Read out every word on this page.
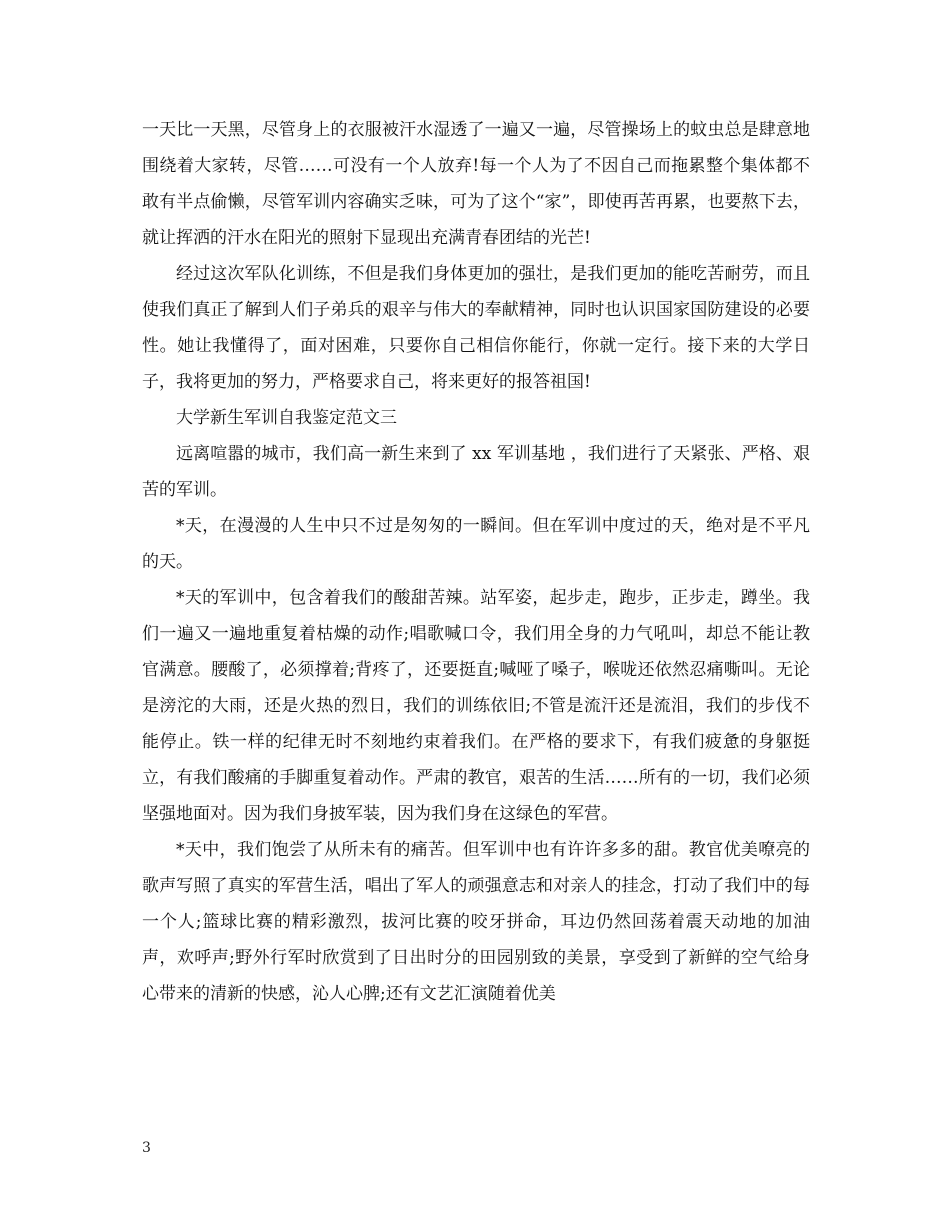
一天比一天黑，尽管身上的衣服被汗水湿透了一遍又一遍，尽管操场上的蚊虫总是肆意地围绕着大家转，尽管……可没有一个人放弃!每一个人为了不因自己而拖累整个集体都不敢有半点偷懒，尽管军训内容确实乏味，可为了这个“家”，即使再苦再累，也要熬下去，就让挥洒的汗水在阳光的照射下显现出充满青春团结的光芒!

经过这次军队化训练，不但是我们身体更加的强壮，是我们更加的能吃苦耐劳，而且使我们真正了解到人们子弟兵的艰辛与伟大的奉献精神，同时也认识国家国防建设的必要性。她让我懂得了，面对困难，只要你自己相信你能行，你就一定行。接下来的大学日子，我将更加的努力，严格要求自己，将来更好的报答祖国!

大学新生军训自我鉴定范文三

远离喧嚣的城市，我们高一新生来到了 xx 军训基地 ，我们进行了天紧张、严格、艰苦的军训。

*天，在漫漫的人生中只不过是匆匆的一瞬间。但在军训中度过的天，绝对是不平凡的天。

*天的军训中，包含着我们的酸甜苦辣。站军姿，起步走，跑步，正步走，蹲坐。我们一遍又一遍地重复着枯燥的动作;唱歌喊口令，我们用全身的力气吼叫，却总不能让教官满意。腰酸了，必须撑着;背疼了，还要挺直;喊哑了嗓子，喉咙还依然忍痛嘶叫。无论是滂沱的大雨，还是火热的烈日，我们的训练依旧;不管是流汗还是流泪，我们的步伐不能停止。铁一样的纪律无时不刻地约束着我们。在严格的要求下，有我们疲惫的身躯挺立，有我们酸痛的手脚重复着动作。严肃的教官，艰苦的生活……所有的一切，我们必须坚强地面对。因为我们身披军装，因为我们身在这绿色的军营。

*天中，我们饱尝了从所未有的痛苦。但军训中也有许许多多的甜。教官优美嘹亮的歌声写照了真实的军营生活，唱出了军人的顽强意志和对亲人的挂念，打动了我们中的每一个人;篮球比赛的精彩激烈，拔河比赛的咬牙拼命，耳边仍然回荡着震天动地的加油声，欢呼声;野外行军时欣赏到了日出时分的田园别致的美景，享受到了新鲜的空气给身心带来的清新的快感，沁人心脾;还有文艺汇演随着优美

3
